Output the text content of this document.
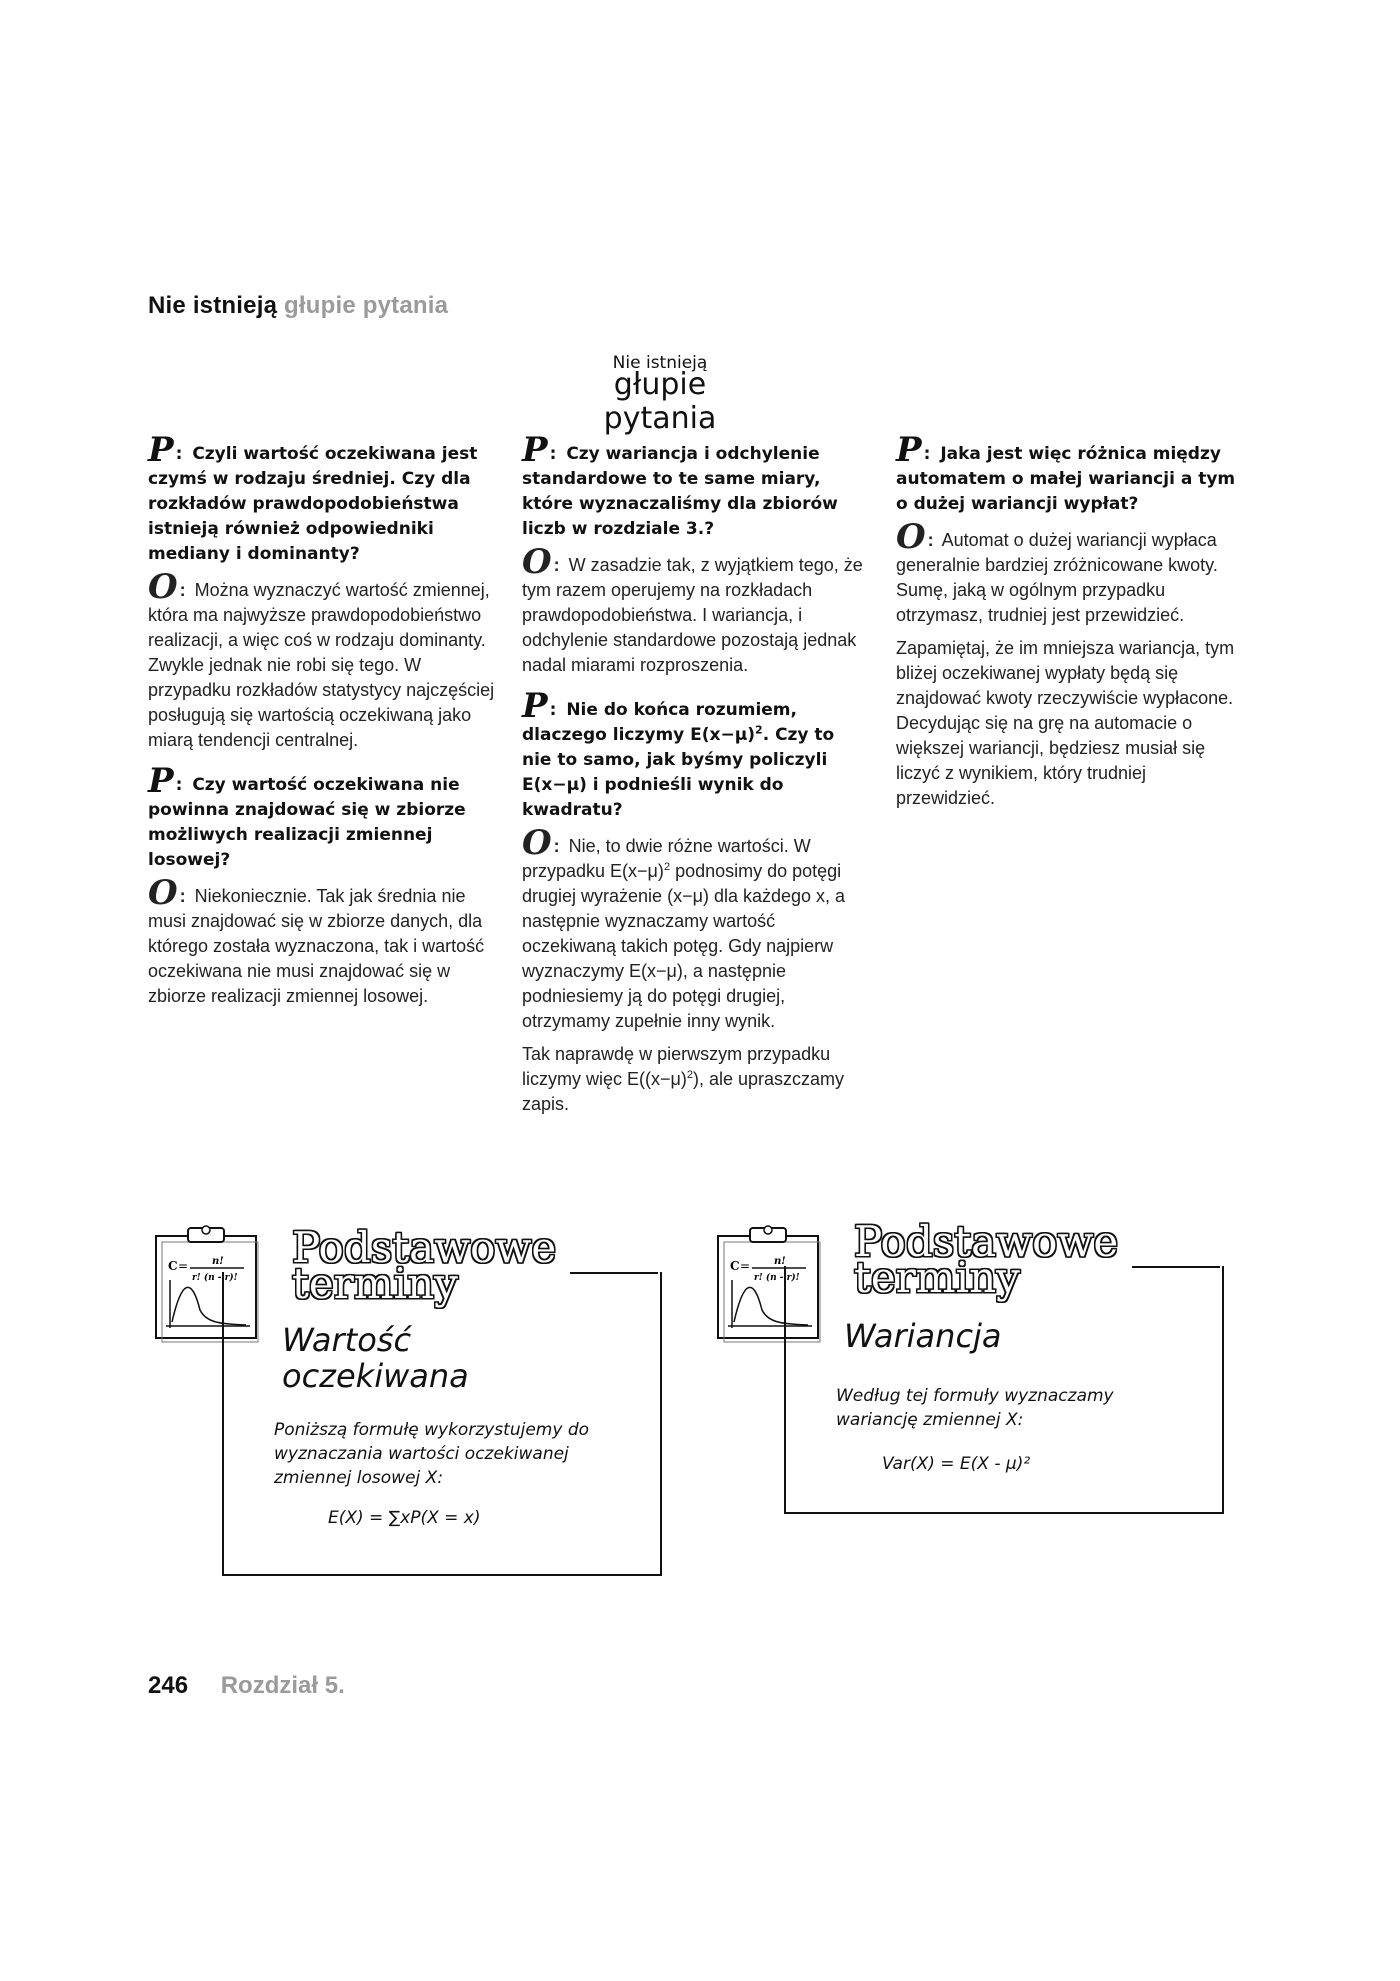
Nie istnieją głupie pytania
Nie istnieją
głupie pytania

P : Czyli wartość oczekiwana jest czymś w rodzaju średniej. Czy dla rozkładów prawdopodobieństwa istnieją również odpowiedniki mediany i dominanty?

O : Można wyznaczyć wartość zmiennej, która ma najwyższe prawdopodobieństwo realizacji, a więc coś w rodzaju dominanty. Zwykle jednak nie robi się tego. W przypadku rozkładów statystycy najczęściej posługują się wartością oczekiwaną jako miarą tendencji centralnej.

P : Czy wartość oczekiwana nie powinna znajdować się w zbiorze możliwych realizacji zmiennej losowej?

O : Niekoniecznie. Tak jak średnia nie musi znajdować się w zbiorze danych, dla którego została wyznaczona, tak i wartość oczekiwana nie musi znajdować się w zbiorze realizacji zmiennej losowej.

P : Czy wariancja i odchylenie standardowe to te same miary, które wyznaczaliśmy dla zbiorów liczb w rozdziale 3.?

O : W zasadzie tak, z wyjątkiem tego, że tym razem operujemy na rozkładach prawdopodobieństwa. I wariancja, i odchylenie standardowe pozostają jednak nadal miarami rozproszenia.

P : Nie do końca rozumiem, dlaczego liczymy $E(x-\mu)^2$. Czy to nie to samo, jak byśmy policzyli E(x−μ) i podnieśli wynik do kwadratu?

O : Nie, to dwie różne wartości. W przypadku $E(x-\mu)^2$ podnosimy do potęgi drugiej wyrażenie (x−μ) dla każdego x, a następnie wyznaczamy wartość oczekiwaną takich potęg. Gdy najpierw wyznaczymy E(x−μ), a następnie podniesiemy ją do potęgi drugiej, otrzymamy zupełnie inny wynik.

Tak naprawdę w pierwszym przypadku liczymy więc $E((x-\mu)^2)$, ale upraszczamy zapis.

P : Jaka jest więc różnica między automatem o małej wariancji a tym o dużej wariancji wypłat?

O : Automat o dużej wariancji wypłaca generalnie bardziej zróżnicowane kwoty. Sumę, jaką w ogólnym przypadku otrzymasz, trudniej jest przewidzieć.

Zapamiętaj, że im mniejsza wariancja, tym bliżej oczekiwanej wypłaty będą się znajdować kwoty rzeczywiście wypłacone. Decydując się na grę na automacie o większej wariancji, będziesz musiał się liczyć z wynikiem, który trudniej przewidzieć.

C = n!
r! (n - r)!
Podstawowe
terminy
Wartość
oczekiwana
Poniższą formułę wykorzystujemy do wyznaczania wartości oczekiwanej zmiennej losowej X:
E(X) = ∑xP(X = x)
C = n!
r! (n - r)!
Podstawowe
terminy
Wariancja
Według tej formuły wyznaczamy wariancję zmiennej X:
Var(X) = E(X - μ)²
246 Rozdział 5.
